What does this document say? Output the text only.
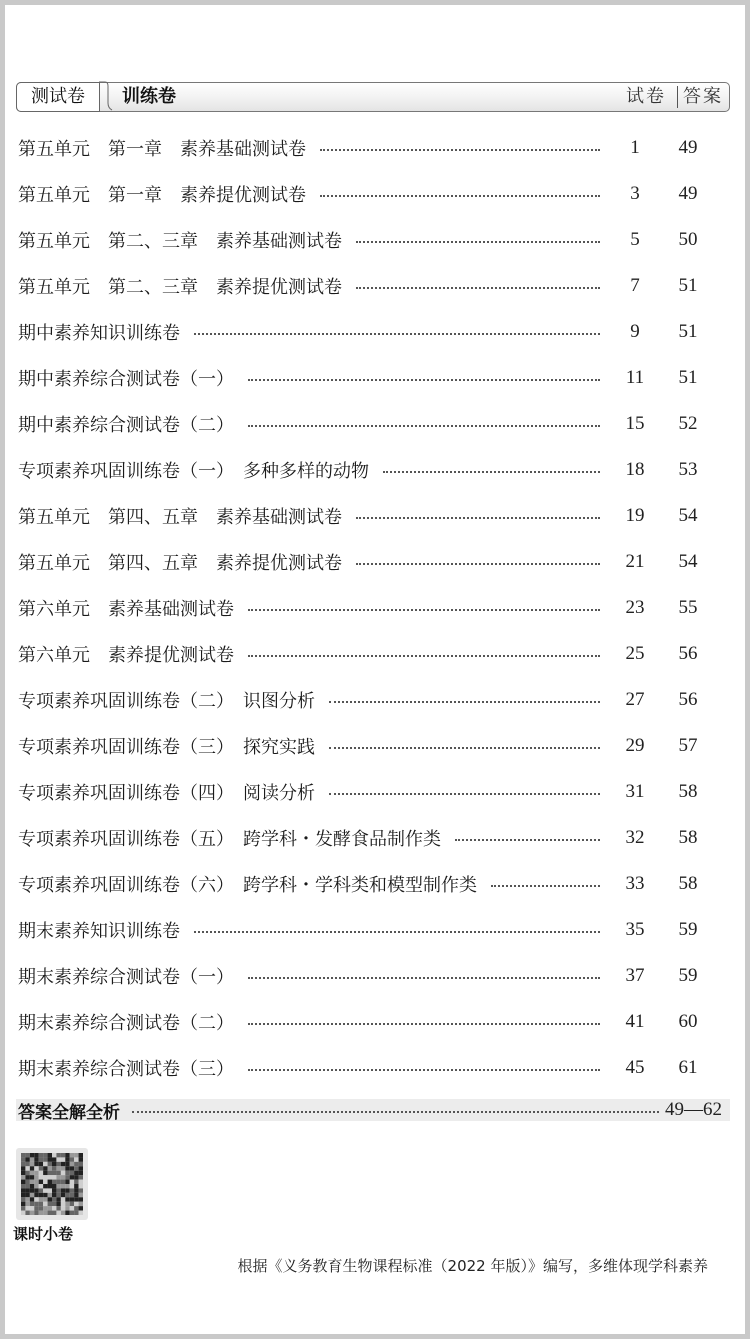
测试卷	训练卷	试卷 答案
第五单元　第一章　素养基础测试卷	1	49
第五单元　第一章　素养提优测试卷	3	49
第五单元　第二、三章　素养基础测试卷	5	50
第五单元　第二、三章　素养提优测试卷	7	51
期中素养知识训练卷	9	51
期中素养综合测试卷（一）	11	51
期中素养综合测试卷（二）	15	52
专项素养巩固训练卷（一）　多种多样的动物	18	53
第五单元　第四、五章　素养基础测试卷	19	54
第五单元　第四、五章　素养提优测试卷	21	54
第六单元　素养基础测试卷	23	55
第六单元　素养提优测试卷	25	56
专项素养巩固训练卷（二）　识图分析	27	56
专项素养巩固训练卷（三）　探究实践	29	57
专项素养巩固训练卷（四）　阅读分析	31	58
专项素养巩固训练卷（五）　跨学科・发酵食品制作类	32	58
专项素养巩固训练卷（六）　跨学科・学科类和模型制作类	33	58
期末素养知识训练卷	35	59
期末素养综合测试卷（一）	37	59
期末素养综合测试卷（二）	41	60
期末素养综合测试卷（三）	45	61
答案全解全析	49—62
课时小卷
根据《义务教育生物课程标准（2022 年版）》编写，多维体现学科素养
